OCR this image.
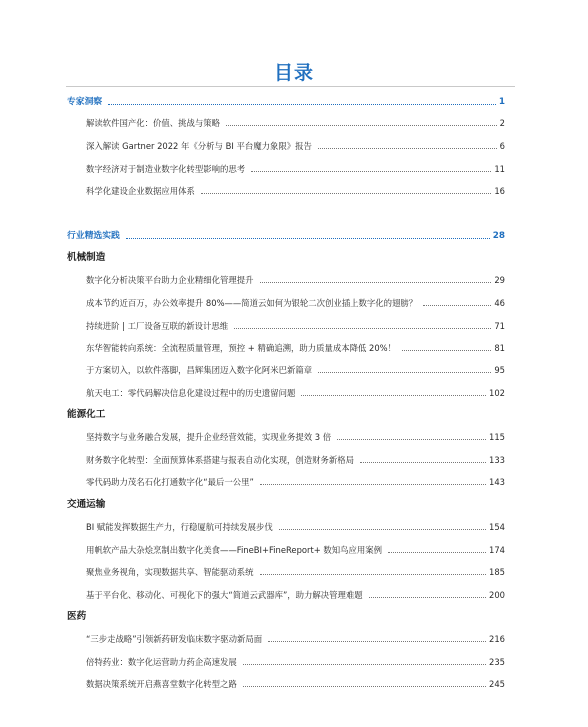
目录
专家洞察	1
解读软件国产化：价值、挑战与策略	2
深入解读 Gartner 2022 年《分析与 BI 平台魔力象限》报告	6
数字经济对于制造业数字化转型影响的思考	11
科学化建设企业数据应用体系	16
行业精选实践	28
机械制造
数字化分析决策平台助力企业精细化管理提升	29
成本节约近百万，办公效率提升 80%——简道云如何为银轮二次创业插上数字化的翅膀？	46
持续进阶 | 工厂设备互联的新设计思维	71
东华智能转向系统：全流程质量管理，预控 + 精确追溯，助力质量成本降低 20%！	81
于方案切入，以软件落脚，昌辉集团迈入数字化阿米巴新篇章	95
航天电工：零代码解决信息化建设过程中的历史遗留问题	102
能源化工
坚持数字与业务融合发展，提升企业经营效能，实现业务提效 3 倍	115
财务数字化转型：全面预算体系搭建与报表自动化实现，创造财务新格局	133
零代码助力茂名石化打通数字化“最后一公里”	143
交通运输
BI 赋能发挥数据生产力，行稳厦航可持续发展步伐	154
用帆软产品大杂烩烹制出数字化美食——FineBI+FineReport+ 数知鸟应用案例	174
聚焦业务视角，实现数据共享、智能驱动系统	185
基于平台化、移动化、可视化下的强大“简道云武器库”，助力解决管理难题	200
医药
“三步走战略”引领新药研发临床数字驱动新局面	216
倍特药业：数字化运营助力药企高速发展	235
数据决策系统开启燕喜堂数字化转型之路	245
